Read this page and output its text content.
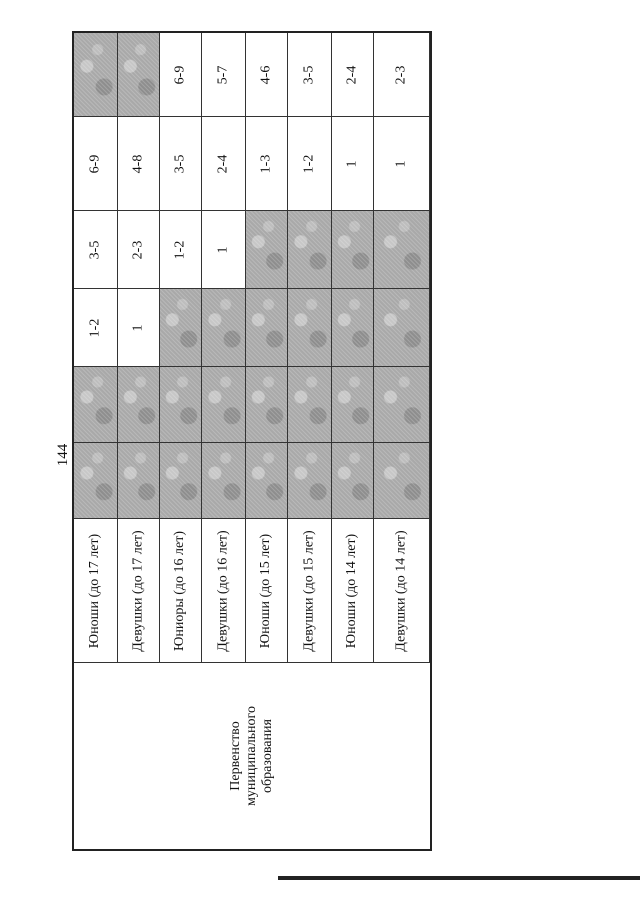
144
Юноши (до 17 лет)
1-2
3-5
6-9
Девушки (до 17 лет)
1
2-3
4-8
Юниоры (до 16 лет)
1-2
3-5
6-9
Девушки (до 16 лет)
1
2-4
5-7
Юноши (до 15 лет)
1-3
4-6
Девушки (до 15 лет)
1-2
3-5
Юноши (до 14 лет)
1
2-4
Девушки (до 14 лет)
1
2-3
Первенство муниципального образования
